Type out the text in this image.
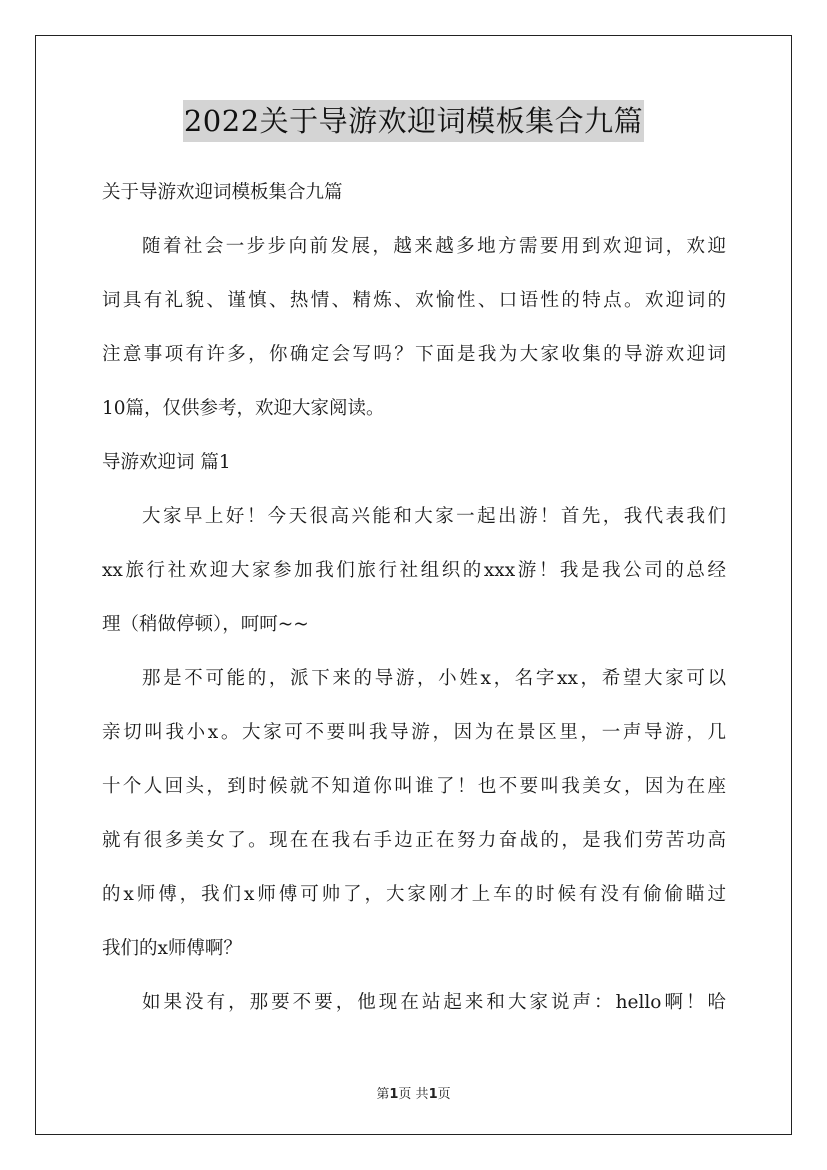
2022关于导游欢迎词模板集合九篇
关于导游欢迎词模板集合九篇
随着社会一步步向前发展，越来越多地方需要用到欢迎词，欢迎
词具有礼貌、谨慎、热情、精炼、欢愉性、口语性的特点。欢迎词的
注意事项有许多，你确定会写吗？下面是我为大家收集的导游欢迎词
10篇，仅供参考，欢迎大家阅读。
导游欢迎词 篇1
大家早上好！今天很高兴能和大家一起出游！首先，我代表我们
xx旅行社欢迎大家参加我们旅行社组织的xxx游！我是我公司的总经
理（稍做停顿），呵呵~~
那是不可能的，派下来的导游，小姓x，名字xx，希望大家可以
亲切叫我小x。大家可不要叫我导游，因为在景区里，一声导游，几
十个人回头，到时候就不知道你叫谁了！也不要叫我美女，因为在座
就有很多美女了。现在在我右手边正在努力奋战的，是我们劳苦功高
的x师傅，我们x师傅可帅了，大家刚才上车的时候有没有偷偷瞄过
我们的x师傅啊？
如果没有，那要不要，他现在站起来和大家说声：hello啊！哈
第1页 共1页
